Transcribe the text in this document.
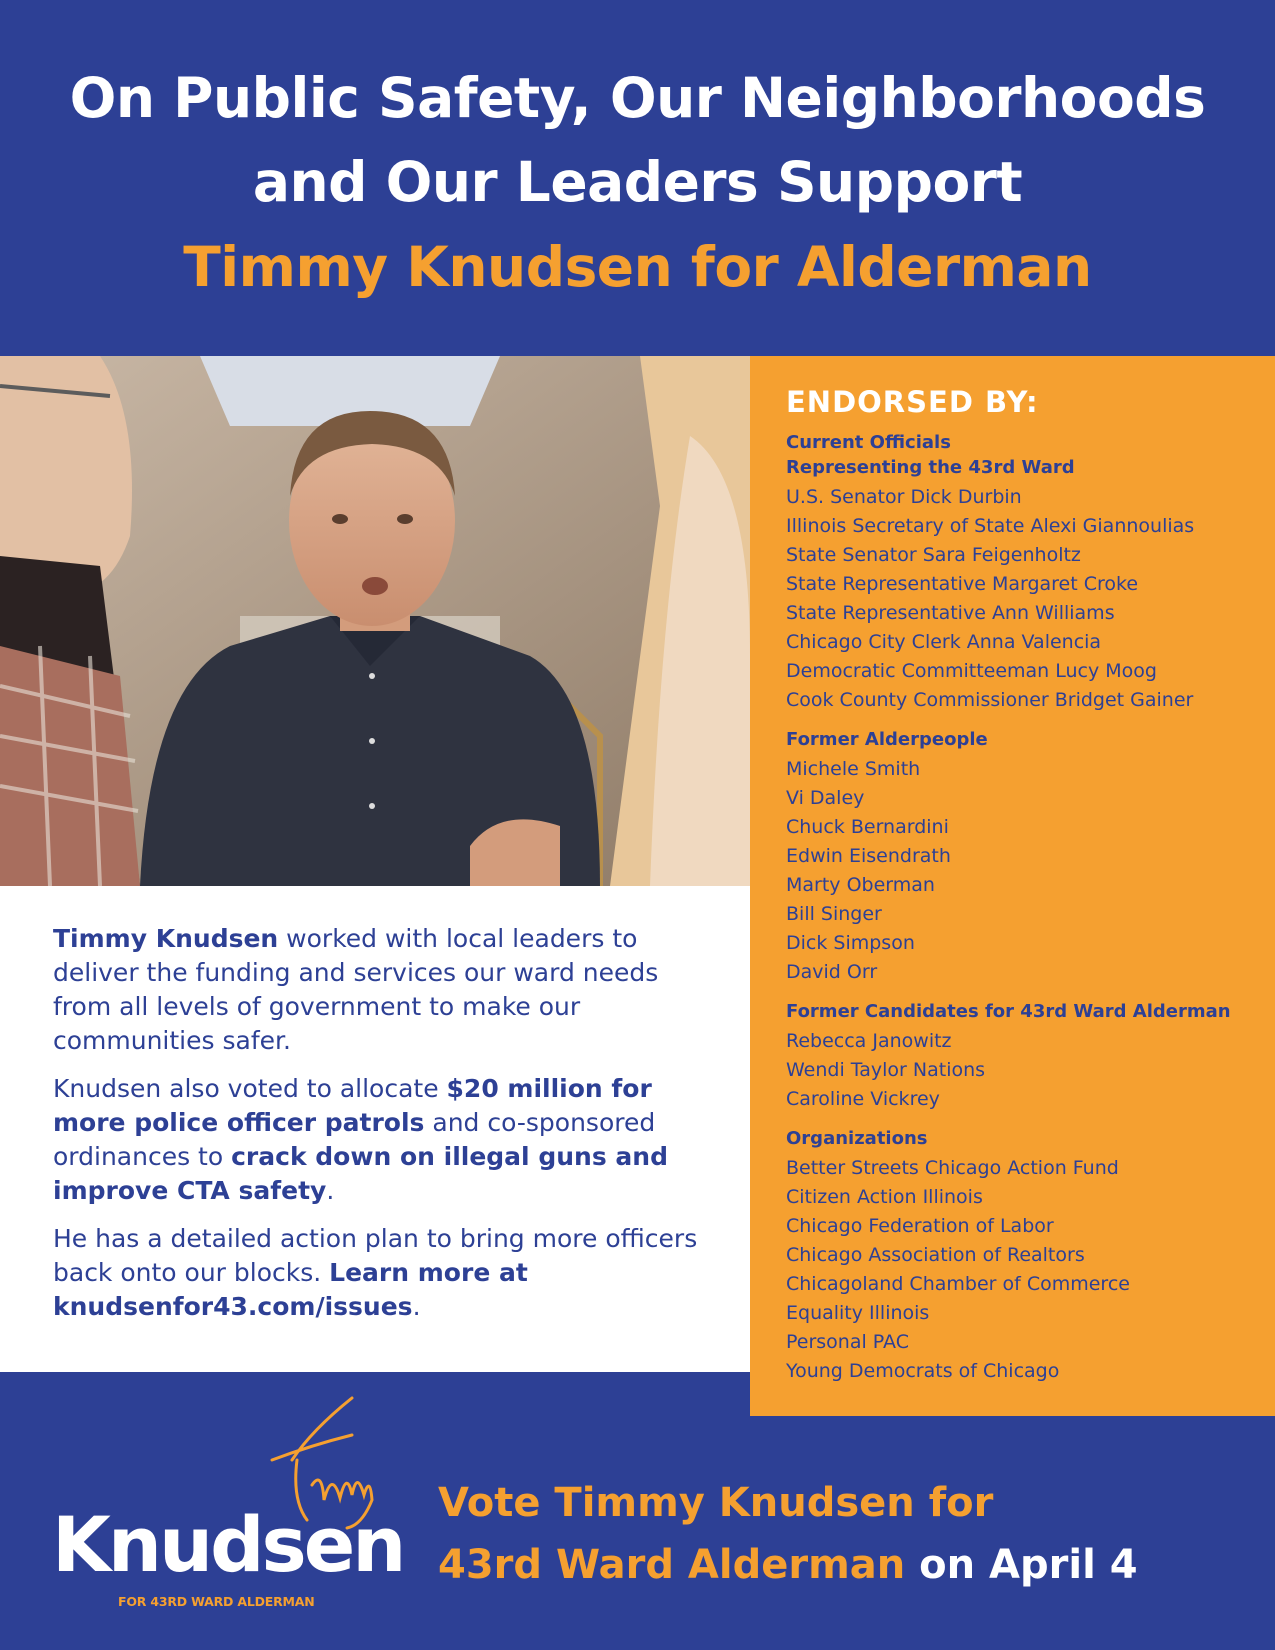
On Public Safety, Our Neighborhoods
and Our Leaders Support
Timmy Knudsen for Alderman

Timmy Knudsen worked with local leaders to deliver the funding and services our ward needs from all levels of government to make our communities safer.

Knudsen also voted to allocate $20 million for more police officer patrols and co-sponsored ordinances to crack down on illegal guns and improve CTA safety.

He has a detailed action plan to bring more officers back onto our blocks. Learn more at knudsenfor43.com/issues.

ENDORSED BY:
Current Officials Representing the 43rd Ward
U.S. Senator Dick Durbin
Illinois Secretary of State Alexi Giannoulias
State Senator Sara Feigenholtz
State Representative Margaret Croke
State Representative Ann Williams
Chicago City Clerk Anna Valencia
Democratic Committeeman Lucy Moog
Cook County Commissioner Bridget Gainer
Former Alderpeople
Michele Smith
Vi Daley
Chuck Bernardini
Edwin Eisendrath
Marty Oberman
Bill Singer
Dick Simpson
David Orr
Former Candidates for 43rd Ward Alderman
Rebecca Janowitz
Wendi Taylor Nations
Caroline Vickrey
Organizations
Better Streets Chicago Action Fund
Citizen Action Illinois
Chicago Federation of Labor
Chicago Association of Realtors
Chicagoland Chamber of Commerce
Equality Illinois
Personal PAC
Young Democrats of Chicago
Knudsen
FOR 43RD WARD ALDERMAN
Vote Timmy Knudsen for
43rd Ward Alderman on April 4
